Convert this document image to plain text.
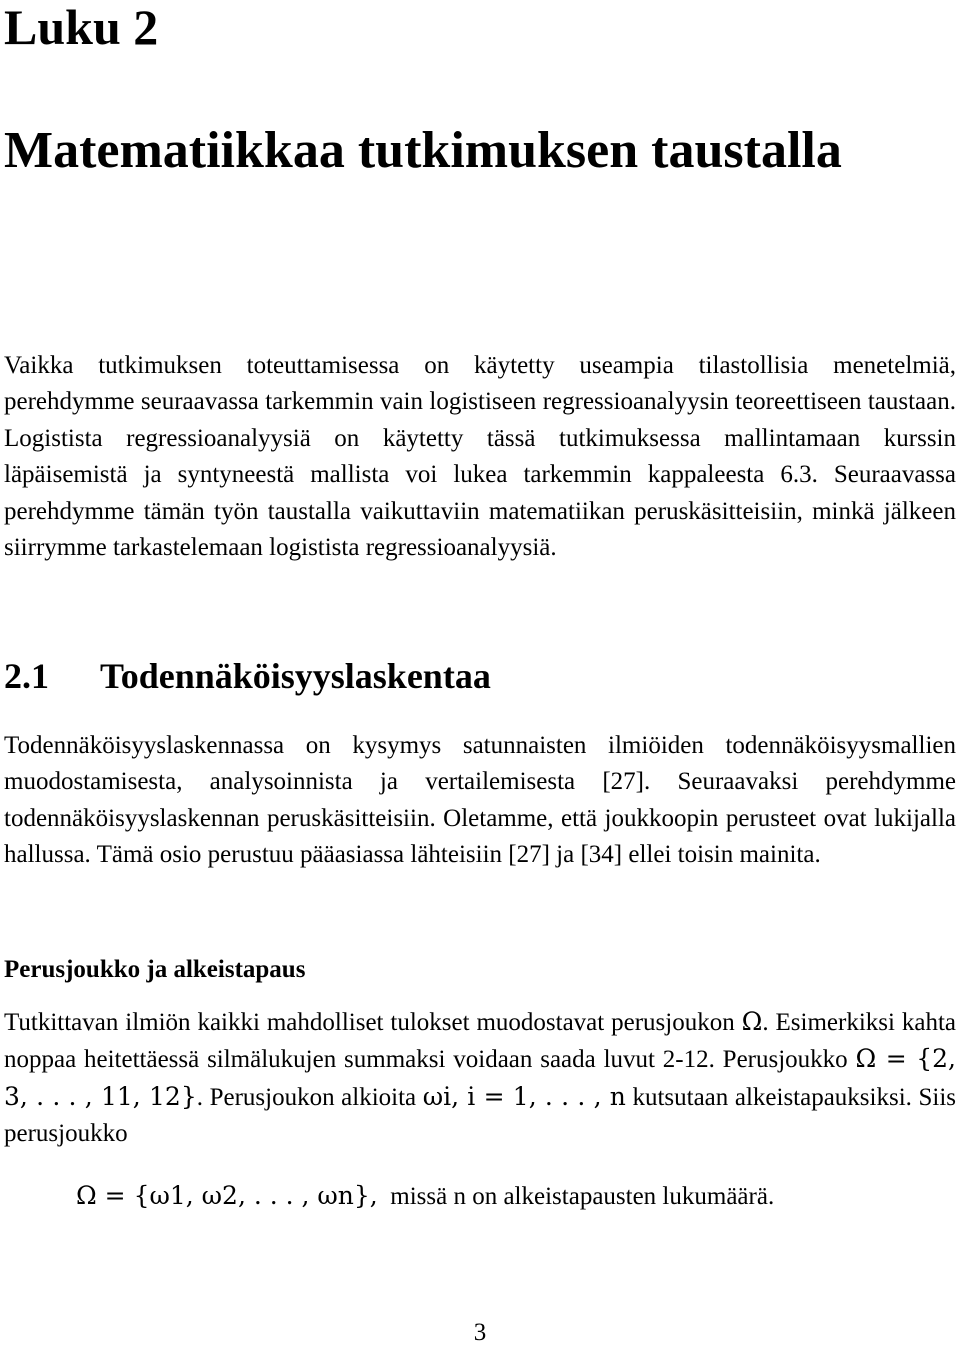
Luku 2
Matematiikkaa tutkimuksen taustalla

Vaikka tutkimuksen toteuttamisessa on käytetty useampia tilastollisia menetelmiä, perehdymme seuraavassa tarkemmin vain logistiseen regressioanalyysin teoreettiseen taustaan. Logistista regressioanalyysiä on käytetty tässä tutkimuksessa mallintamaan kurssin läpäisemistä ja syntyneestä mallista voi lukea tarkemmin kappaleesta 6.3. Seuraavassa perehdymme tämän työn taustalla vaikuttaviin matematiikan peruskäsitteisiin, minkä jälkeen siirrymme tarkastelemaan logistista regressioanalyysiä.

2.1 Todennäköisyyslaskentaa

Todennäköisyyslaskennassa on kysymys satunnaisten ilmiöiden todennäköisyysmallien muodostamisesta, analysoinnista ja vertailemisesta [27]. Seuraavaksi perehdymme todennäköisyyslaskennan peruskäsitteisiin. Oletamme, että joukkoopin perusteet ovat lukijalla hallussa. Tämä osio perustuu pääasiassa lähteisiin [27] ja [34] ellei toisin mainita.

Perusjoukko ja alkeistapaus

Tutkittavan ilmiön kaikki mahdolliset tulokset muodostavat perusjoukon Ω. Esimerkiksi kahta noppaa heitettäessä silmälukujen summaksi voidaan saada luvut 2-12. Perusjoukko Ω = {2, 3, . . . , 11, 12}. Perusjoukon alkioita ωi, i = 1, . . . , n kutsutaan alkeistapauksiksi. Siis perusjoukko

Ω = {ω1, ω2, . . . , ωn}, missä n on alkeistapausten lukumäärä.
3
